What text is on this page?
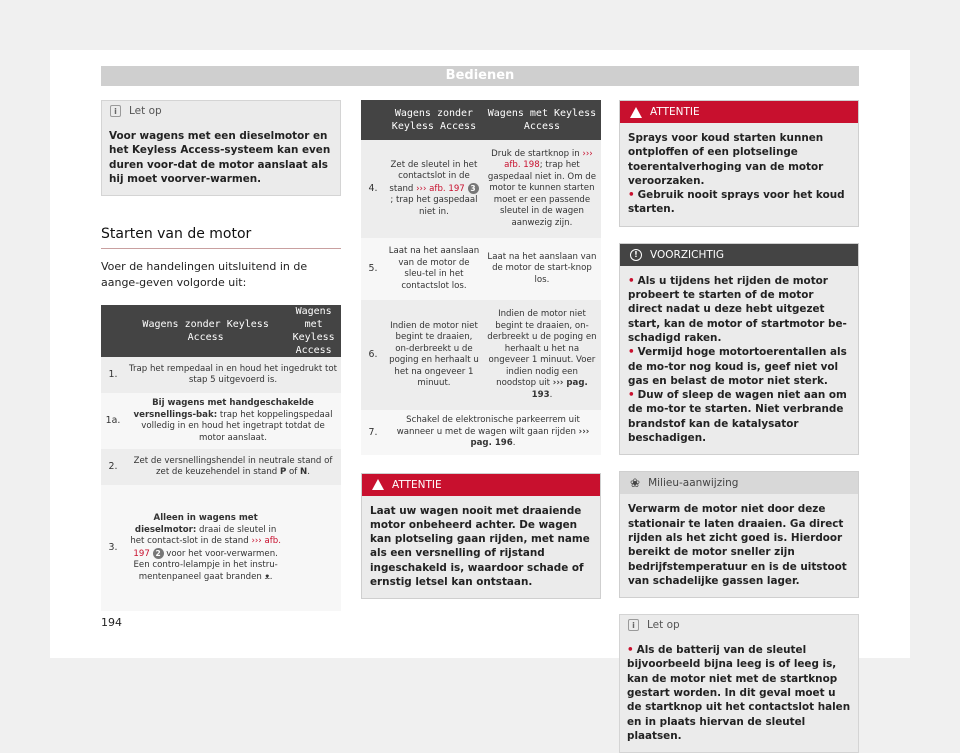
Bedienen
i	Let op
Voor wagens met een dieselmotor en het Keyless Access-systeem kan even duren voor-dat de motor aanslaat als hij moet voorver-warmen.
Starten van de motor
Voer de handelingen uitsluitend in de aange-geven volgorde uit:
	Wagens zonder Keyless Access	Wagens met Keyless Access
1.	Trap het rempedaal in en houd het ingedrukt tot stap 5 uitgevoerd is.	
1a.	Bij wagens met handgeschakelde versnellings-bak: trap het koppelingspedaal volledig in en houd het ingetrapt totdat de motor aanslaat.	
2.	Zet de versnellingshendel in neutrale stand of zet de keuzehendel in stand P of N.	
3.	Alleen in wagens met dieselmotor: draai de sleutel in het contact-slot in de stand ››› afb. 197 2 voor het voor-verwarmen. Een contro-lelampje in het instru-mentenpaneel gaat branden ᴥ.	
	Wagens zonder Keyless Access	Wagens met Keyless Access
4.	Zet de sleutel in het contactslot in de stand ››› afb. 197 3; trap het gaspedaal niet in.	Druk de startknop in ››› afb. 198; trap het gaspedaal niet in. Om de motor te kunnen starten moet er een passende sleutel in de wagen aanwezig zijn.
5.	Laat na het aanslaan van de motor de sleu-tel in het contactslot los.	Laat na het aanslaan van de motor de start-knop los.
6.	Indien de motor niet begint te draaien, on-derbreekt u de poging en herhaalt u het na ongeveer 1 minuut.	Indien de motor niet begint te draaien, on-derbreekt u de poging en herhaalt u het na ongeveer 1 minuut. Voer indien nodig een noodstop uit ››› pag. 193.
7.	Schakel de elektronische parkeerrem uit wanneer u met de wagen wilt gaan rijden ››› pag. 196.	
ATTENTIE
Laat uw wagen nooit met draaiende motor onbeheerd achter. De wagen kan plotseling gaan rijden, met name als een versnelling of rijstand ingeschakeld is, waardoor schade of ernstig letsel kan ontstaan.
ATTENTIE
Sprays voor koud starten kunnen ontploffen of een plotselinge toerentalverhoging van de motor veroorzaken.
• Gebruik nooit sprays voor het koud starten.
!	VOORZICHTIG
• Als u tijdens het rijden de motor probeert te starten of de motor direct nadat u deze hebt uitgezet start, kan de motor of startmotor be-schadigd raken.
• Vermijd hoge motortoerentallen als de mo-tor nog koud is, geef niet vol gas en belast de motor niet sterk.
• Duw of sleep de wagen niet aan om de mo-tor te starten. Niet verbrande brandstof kan de katalysator beschadigen.
❀ Milieu-aanwijzing
Verwarm de motor niet door deze stationair te laten draaien. Ga direct rijden als het zicht goed is. Hierdoor bereikt de motor sneller zijn bedrijfstemperatuur en is de uitstoot van schadelijke gassen lager.
i	Let op
• Als de batterij van de sleutel bijvoorbeeld bijna leeg is of leeg is, kan de motor niet met de startknop gestart worden. In dit geval moet u de startknop uit het contactslot halen en in plaats hiervan de sleutel plaatsen.
194
